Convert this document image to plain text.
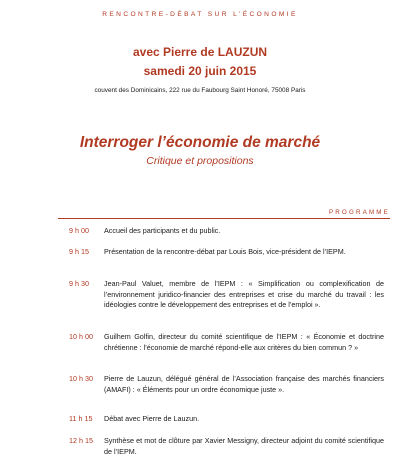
RENCONTRE-DÉBAT SUR L’ÉCONOMIE
avec Pierre de LAUZUN
samedi 20 juin 2015
couvent des Dominicains, 222 rue du Faubourg Saint Honoré, 75008 Paris
Interroger l’économie de marché
Critique et propositions
PROGRAMME
9 h 00	Accueil des participants et du public.
9 h 15	Présentation de la rencontre-débat par Louis Bois, vice-président de l’IEPM.
9 h 30	Jean-Paul Valuet, membre de l’IEPM : « Simplification ou complexification de l’environnement juridico-financier des entreprises et crise du marché du travail : les idéologies contre le développement des entreprises et de l’emploi ».
10 h 00	Guilhem Golfin, directeur du comité scientifique de l’IEPM : « Économie et doctrine chrétienne : l’économie de marché répond-elle aux critères du bien commun ? »
10 h 30	Pierre de Lauzun, délégué général de l’Association française des marchés financiers (AMAFI) : « Éléments pour un ordre économique juste ».
11 h 15	Débat avec Pierre de Lauzun.
12 h 15	Synthèse et mot de clôture par Xavier Messigny, directeur adjoint du comité scientifique de l’IEPM.
